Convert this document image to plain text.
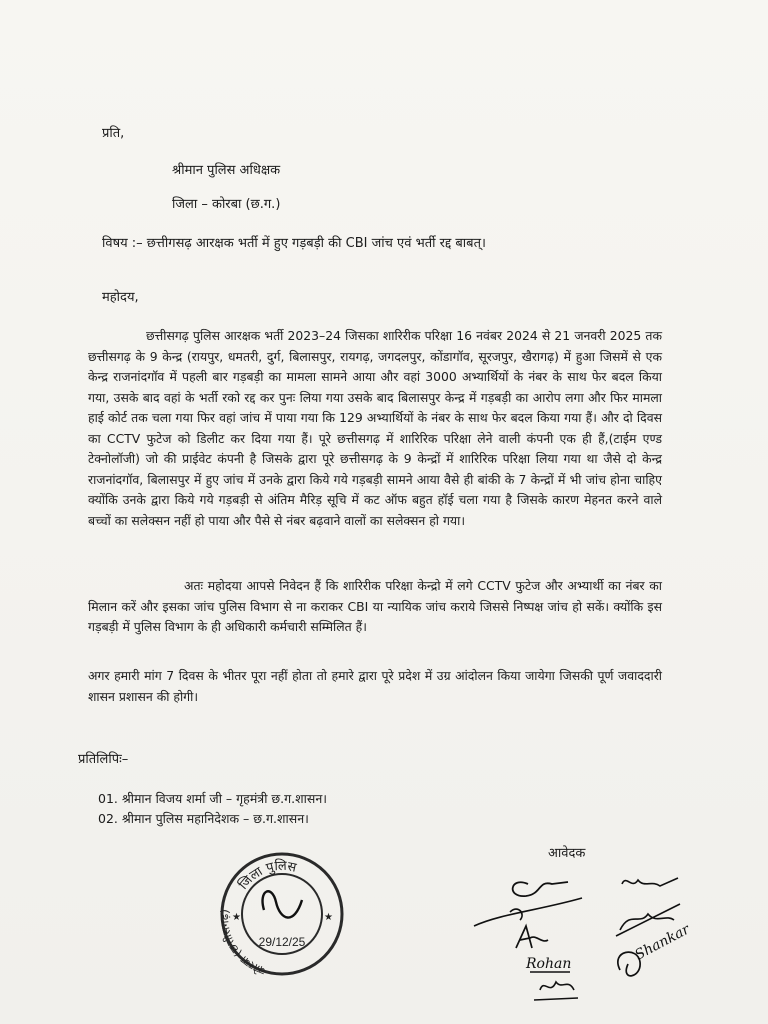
प्रति,
श्रीमान पुलिस अधिक्षक
जिला – कोरबा (छ.ग.)
विषय :– छत्तीगसढ़ आरक्षक भर्ती में हुए गड़बड़ी की CBI जांच एवं भर्ती रद्द बाबत्।
महोदय,
छत्तीसगढ़ पुलिस आरक्षक भर्ती 2023–24 जिसका शारिरीक परिक्षा 16 नवंबर 2024 से 21 जनवरी 2025 तक छत्तीसगढ़ के 9 केन्द्र (रायपुर, धमतरी, दुर्ग, बिलासपुर, रायगढ़, जगदलपुर, कोंडागॉव, सूरजपुर, खैरागढ़) में हुआ जिसमें से एक केन्द्र राजनांदगॉव में पहली बार गड़बड़ी का मामला सामने आया और वहां 3000 अभ्यार्थियों के नंबर के साथ फेर बदल किया गया, उसके बाद वहां के भर्ती रको रद्द कर पुनः लिया गया उसके बाद बिलासपुर केन्द्र में गड़बड़ी का आरोप लगा और फिर मामला हाई कोर्ट तक चला गया फिर वहां जांच में पाया गया कि 129 अभ्यार्थियों के नंबर के साथ फेर बदल किया गया हैं। और दो दिवस का CCTV फुटेज को डिलीट कर दिया गया हैं। पूरे छत्तीसगढ़ में शारिरिक परिक्षा लेने वाली कंपनी एक ही हैं,(टाईम एण्ड टेक्नोलॉजी) जो की प्राईवेट कंपनी है जिसके द्वारा पूरे छत्तीसगढ़ के 9 केन्द्रों में शारिरिक परिक्षा लिया गया था जैसे दो केन्द्र राजनांदगॉव, बिलासपुर में हुए जांच में उनके द्वारा किये गये गड़बड़ी सामने आया वैसे ही बांकी के 7 केन्द्रों में भी जांच होना चाहिए क्योंकि उनके द्वारा किये गये गड़बड़ी से अंतिम मैरिड़ सूचि में कट ऑफ बहुत हॉई चला गया है जिसके कारण मेहनत करने वाले बच्चों का सलेक्सन नहीं हो पाया और पैसे से नंबर बढ़वाने वालों का सलेक्सन हो गया।
अतः महोदया आपसे निवेदन हैं कि शारिरीक परिक्षा केन्द्रो में लगे CCTV फुटेज और अभ्यार्थी का नंबर का मिलान करें और इसका जांच पुलिस विभाग से ना कराकर CBI या न्यायिक जांच कराये जिससे निष्पक्ष जांच हो सकें। क्योंकि इस गड़बड़ी में पुलिस विभाग के ही अधिकारी कर्मचारी सम्मिलित हैं।
अगर हमारी मांग 7 दिवस के भीतर पूरा नहीं होता तो हमारे द्वारा पूरे प्रदेश में उग्र आंदोलन किया जायेगा जिसकी पूर्ण जवाददारी शासन प्रशासन की होगी।
प्रतिलिपिः–
01. श्रीमान विजय शर्मा जी – गृहमंत्री छ.ग.शासन।
02. श्रीमान पुलिस महानिदेशक – छ.ग.शासन।
आवेदक
जिला पुलिस
कोरबा (छत्तीसगढ़)
★	★
29/12/25
Rohan
Shankar
